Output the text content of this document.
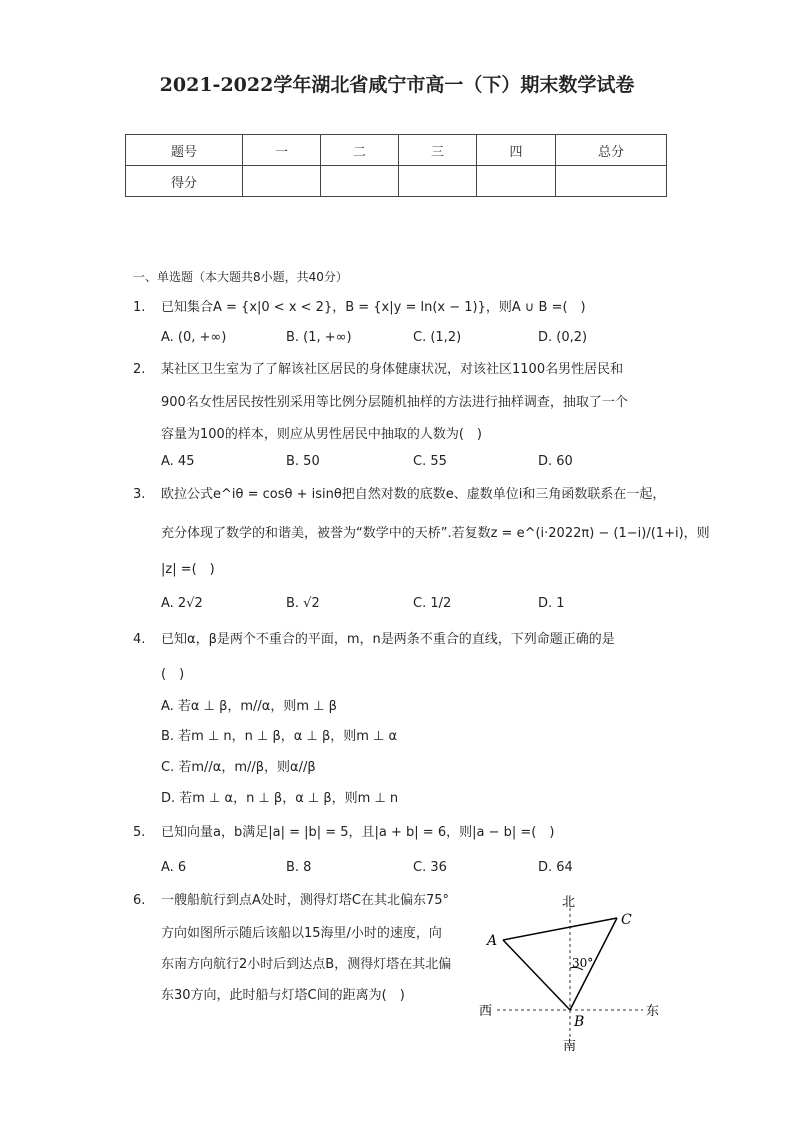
2021-2022学年湖北省咸宁市高一（下）期末数学试卷
题号	一	二	三	四	总分
得分					
一、单选题（本大题共8小题，共40分）
1. 已知集合A = {x|0 < x < 2}，B = {x|y = ln(x − 1)}，则A ∪ B =(　)
A. (0, +∞)	B. (1, +∞)	C. (1,2)	D. (0,2)
2. 某社区卫生室为了了解该社区居民的身体健康状况，对该社区1100名男性居民和
900名女性居民按性别采用等比例分层随机抽样的方法进行抽样调查，抽取了一个
容量为100的样本，则应从男性居民中抽取的人数为(　)
A. 45	B. 50	C. 55	D. 60
3. 欧拉公式e^iθ = cosθ + isinθ把自然对数的底数e、虚数单位i和三角函数联系在一起，
充分体现了数学的和谐美，被誉为“数学中的天桥”.若复数z = e^(i·2022π) − (1−i)/(1+i)，则
|z| =(　)
A. 2√2	B. √2	C. 1/2	D. 1
4. 已知α，β是两个不重合的平面，m，n是两条不重合的直线，下列命题正确的是
(　)
A. 若α ⊥ β，m//α，则m ⊥ β
B. 若m ⊥ n，n ⊥ β，α ⊥ β，则m ⊥ α
C. 若m//α，m//β，则α//β
D. 若m ⊥ α，n ⊥ β，α ⊥ β，则m ⊥ n
5. 已知向量a，b满足|a| = |b| = 5，且|a + b| = 6，则|a − b| =(　)
A. 6	B. 8	C. 36	D. 64
6. 一艘船航行到点A处时，测得灯塔C在其北偏东75°
方向如图所示随后该船以15海里/小时的速度，向
东南方向航行2小时后到达点B，测得灯塔在其北偏
东30方向，此时船与灯塔C间的距离为(　)
北
南
西	东
A
C
B
30°
